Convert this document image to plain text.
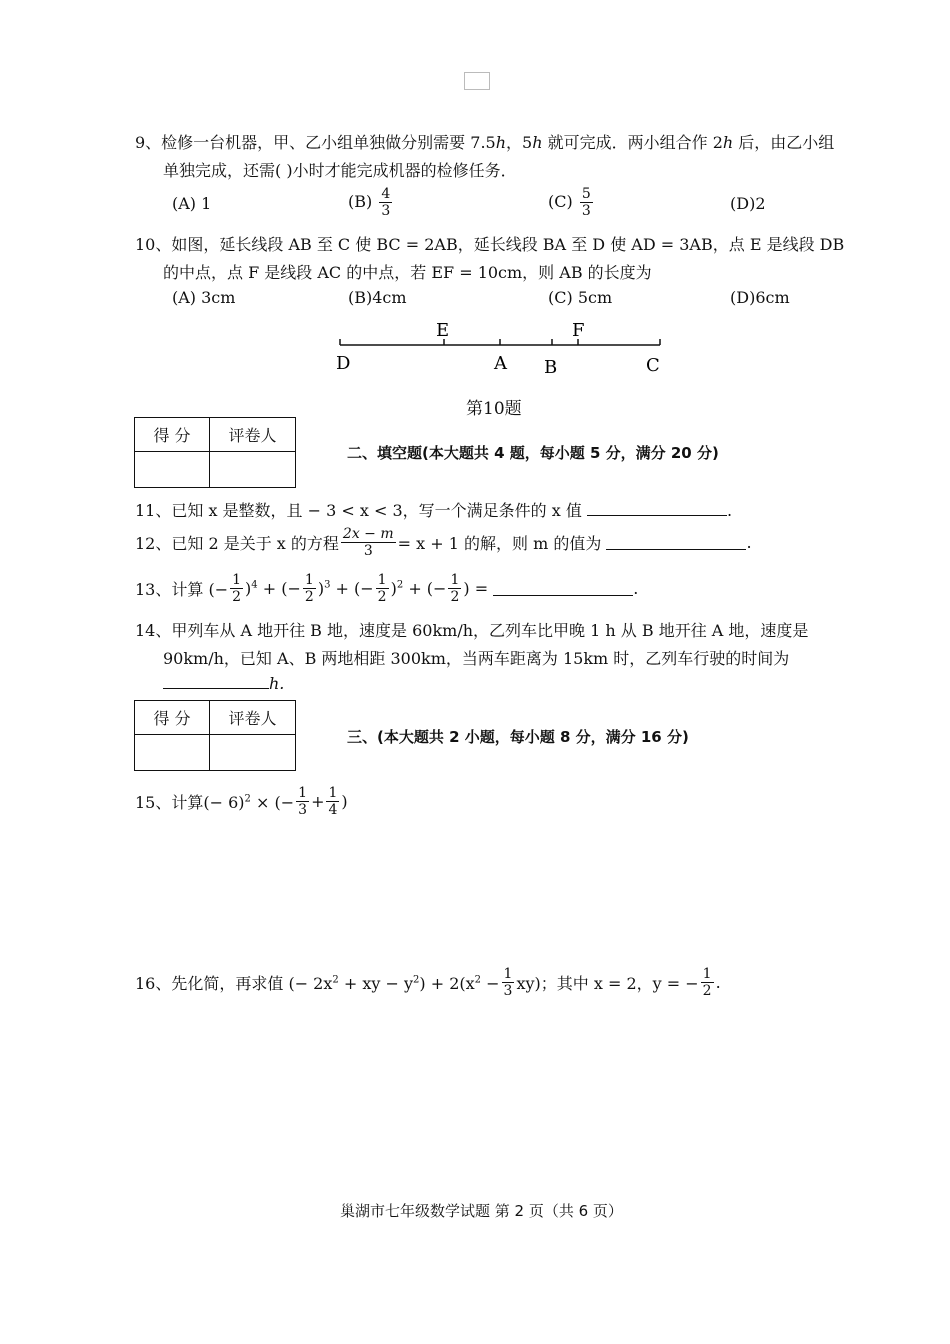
9、检修一台机器，甲、乙小组单独做分别需要 7.5h，5h 就可完成．两小组合作 2h 后，由乙小组
单独完成，还需( )小时才能完成机器的检修任务．
(A) 1	$(B) \frac{4}{3}$	$(C) \frac{5}{3}$	(D)2
10、如图，延长线段 AB 至 C 使 BC = 2AB，延长线段 BA 至 D 使 AD = 3AB，点 E 是线段 DB
的中点，点 F 是线段 AC 的中点，若 EF = 10cm，则 AB 的长度为
(A) 3cm	(B)4cm	(C) 5cm	(D)6cm
E	F
D	A B	C
第10题
得 分	评卷人

二、填空题(本大题共 4 题，每小题 5 分，满分 20 分)
11、已知 x 是整数，且 − 3 < x < 3，写一个满足条件的 x 值	.
12、已知 2 是关于 x 的方程 $\frac{2x - m}{3} = x + 1$ 的解，则 m 的值为	.
13、计算 (− $\frac{1}{2} )^4$ + (− $\frac{1}{2} )^3$ + (− $\frac{1}{2} )^2$ + (− $\frac{1}{2}$ ) =	.
14、甲列车从 A 地开往 B 地，速度是 60km/h，乙列车比甲晚 1 h 从 B 地开往 A 地，速度是
90km/h，已知 A、B 两地相距 300km，当两车距离为 15km 时，乙列车行驶的时间为
h.
得 分	评卷人

三、(本大题共 2 小题，每小题 8 分，满分 16 分)
15、计算(− 6)$^2$ × (− $\frac{1}{3} + \frac{1}{4}$ )
16、先化简，再求值 (− $2x^2$ + xy − $y^2) + 2(x^2 - \frac{1}{3} xy)$；其中 x = 2，y = − $\frac{1}{2}$ .
巢湖市七年级数学试题 第 2 页（共 6 页）
